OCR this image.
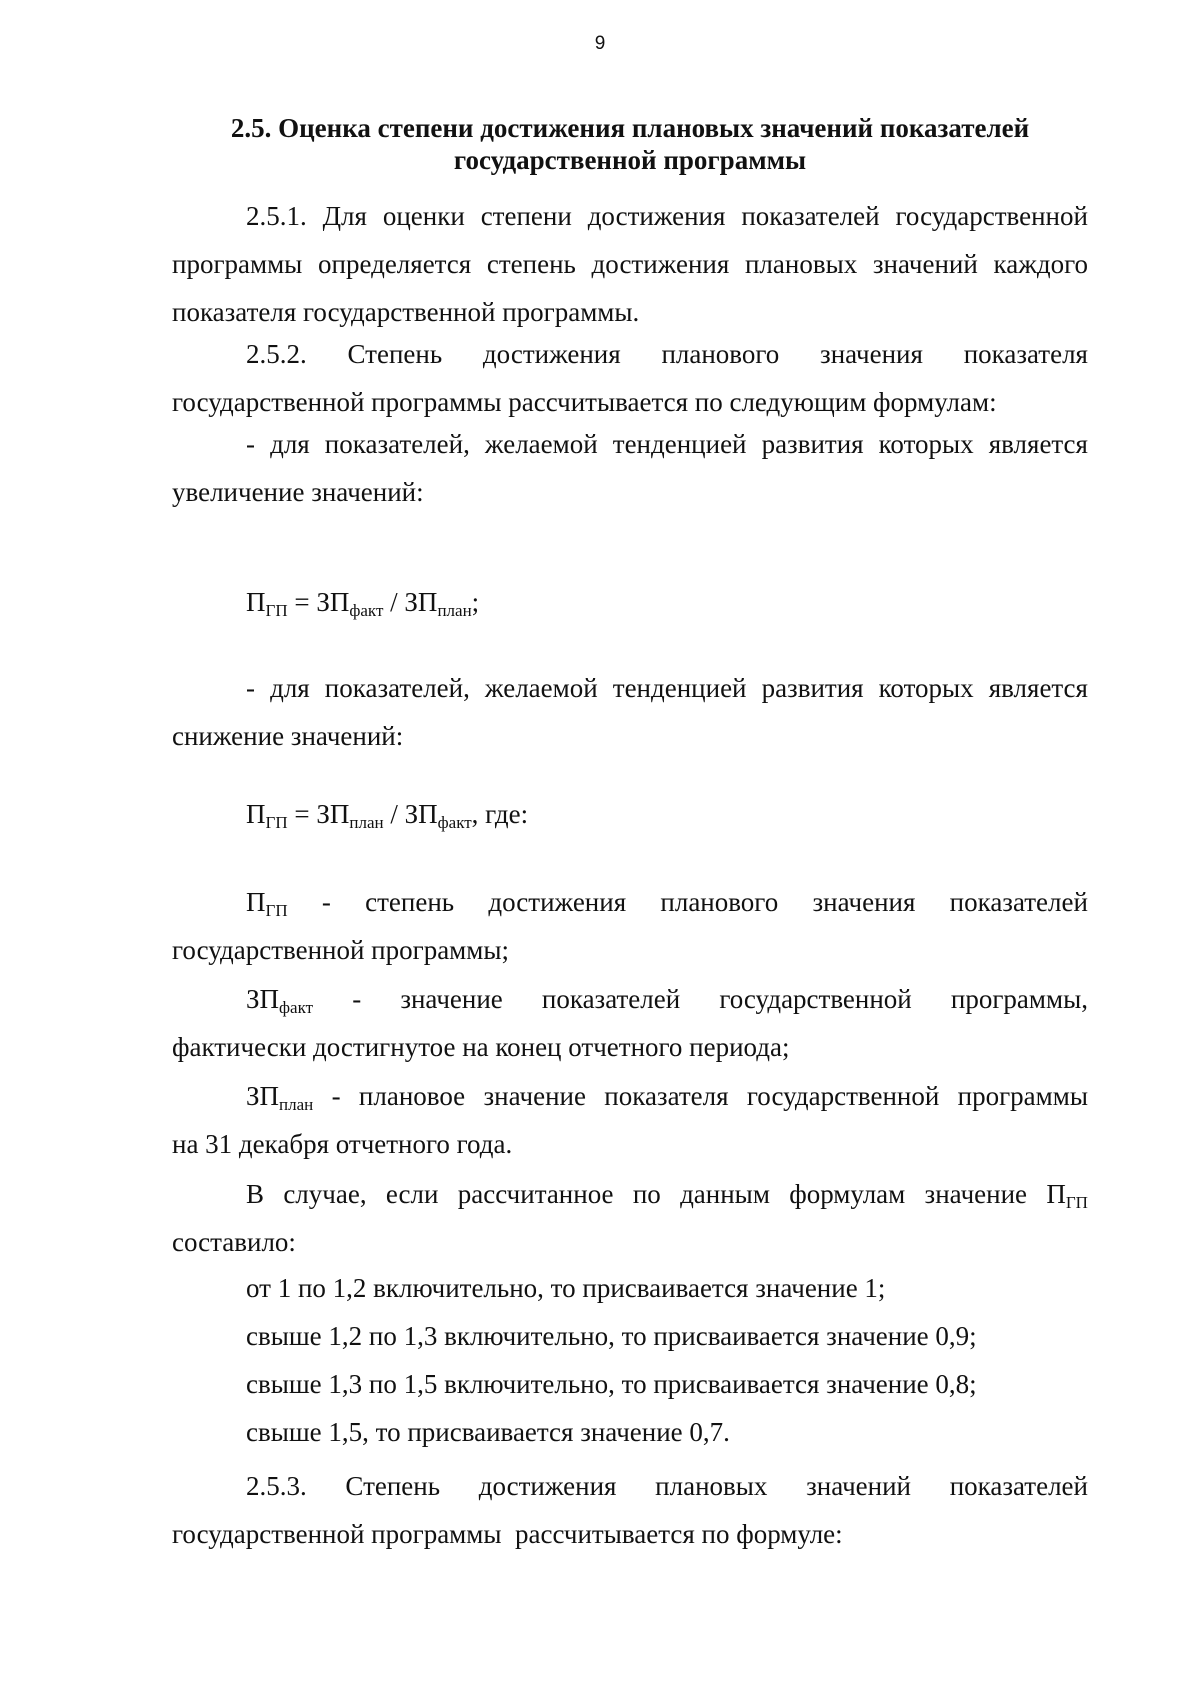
9
2.5. Оценка степени достижения плановых значений показателей
государственной программы
2.5.1. Для оценки степени достижения показателей государственной
программы определяется степень достижения плановых значений каждого
показателя государственной программы.
2.5.2. Степень достижения планового значения показателя
государственной программы рассчитывается по следующим формулам:
- для показателей, желаемой тенденцией развития которых является
увеличение значений:
$П_{ГП} = ЗП_{факт} / ЗП_{план}$;
- для показателей, желаемой тенденцией развития которых является
снижение значений:
$П_{ГП} = ЗП_{план} / ЗП_{факт}$, где:
$П_{ГП}$ - степень достижения планового значения показателей
государственной программы;
$ЗП_{факт}$ - значение показателей государственной программы,
фактически достигнутое на конец отчетного периода;
$ЗП_{план}$ - плановое значение показателя государственной программы
на 31 декабря отчетного года.
В случае, если рассчитанное по данным формулам значение $П_{ГП}$
составило:
от 1 по 1,2 включительно, то присваивается значение 1;
свыше 1,2 по 1,3 включительно, то присваивается значение 0,9;
свыше 1,3 по 1,5 включительно, то присваивается значение 0,8;
свыше 1,5, то присваивается значение 0,7.
2.5.3. Степень достижения плановых значений показателей
государственной программы  рассчитывается по формуле:
